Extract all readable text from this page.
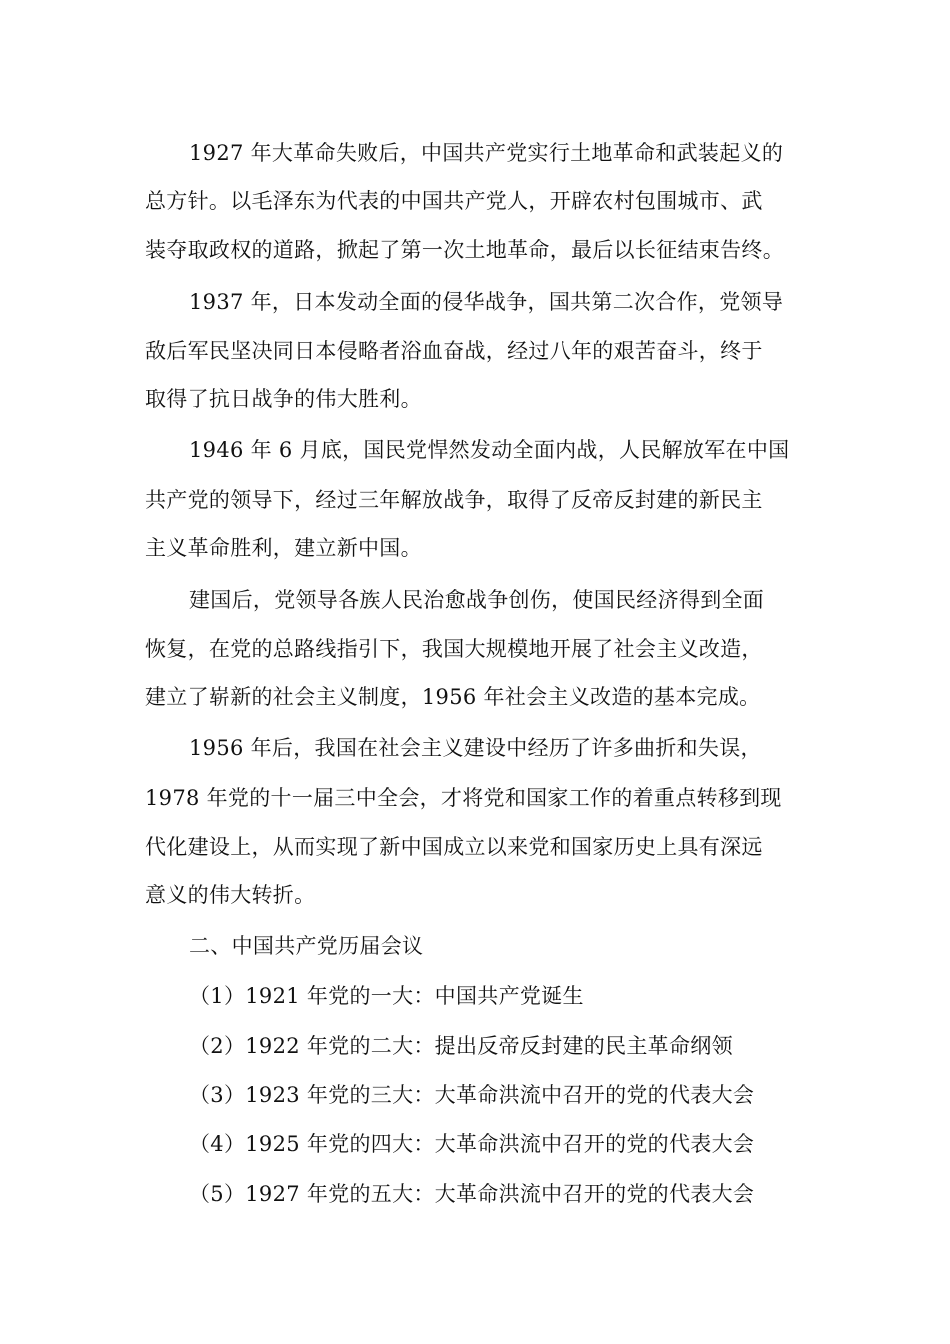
1927 年大革命失败后，中国共产党实行土地革命和武装起义的

总方针。以毛泽东为代表的中国共产党人，开辟农村包围城市、武

装夺取政权的道路，掀起了第一次土地革命，最后以长征结束告终。

1937 年，日本发动全面的侵华战争，国共第二次合作，党领导

敌后军民坚决同日本侵略者浴血奋战，经过八年的艰苦奋斗，终于

取得了抗日战争的伟大胜利。

1946 年 6 月底，国民党悍然发动全面内战，人民解放军在中国

共产党的领导下，经过三年解放战争，取得了反帝反封建的新民主

主义革命胜利，建立新中国。

建国后，党领导各族人民治愈战争创伤，使国民经济得到全面

恢复，在党的总路线指引下，我国大规模地开展了社会主义改造，

建立了崭新的社会主义制度，1956 年社会主义改造的基本完成。

1956 年后，我国在社会主义建设中经历了许多曲折和失误，

1978 年党的十一届三中全会，才将党和国家工作的着重点转移到现

代化建设上，从而实现了新中国成立以来党和国家历史上具有深远

意义的伟大转折。

二、中国共产党历届会议

（1）1921 年党的一大：中国共产党诞生

（2）1922 年党的二大：提出反帝反封建的民主革命纲领

（3）1923 年党的三大：大革命洪流中召开的党的代表大会

（4）1925 年党的四大：大革命洪流中召开的党的代表大会

（5）1927 年党的五大：大革命洪流中召开的党的代表大会
